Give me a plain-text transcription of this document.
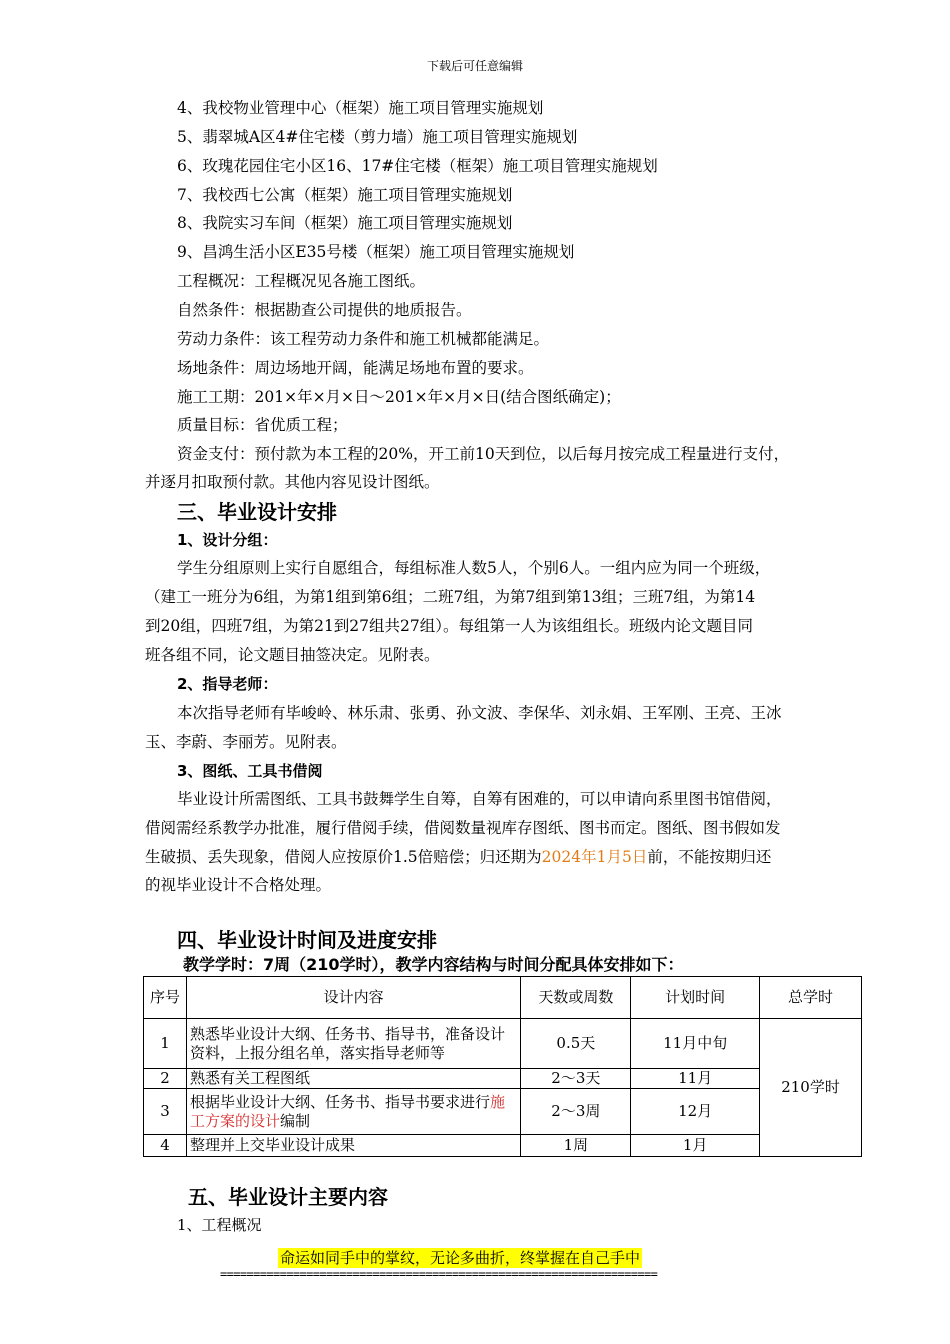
下载后可任意编辑
4、我校物业管理中心（框架）施工项目管理实施规划
5、翡翠城A区4#住宅楼（剪力墙）施工项目管理实施规划
6、玫瑰花园住宅小区16、17#住宅楼（框架）施工项目管理实施规划
7、我校西七公寓（框架）施工项目管理实施规划
8、我院实习车间（框架）施工项目管理实施规划
9、昌鸿生活小区E35号楼（框架）施工项目管理实施规划
工程概况：工程概况见各施工图纸。
自然条件：根据勘查公司提供的地质报告。
劳动力条件：该工程劳动力条件和施工机械都能满足。
场地条件：周边场地开阔，能满足场地布置的要求。
施工工期：201×年×月×日～201×年×月×日(结合图纸确定)；
质量目标：省优质工程；
资金支付：预付款为本工程的20%，开工前10天到位，以后每月按完成工程量进行支付，
并逐月扣取预付款。其他内容见设计图纸。
三、毕业设计安排
1、设计分组：
学生分组原则上实行自愿组合，每组标准人数5人，个别6人。一组内应为同一个班级，
（建工一班分为6组，为第1组到第6组；二班7组，为第7组到第13组；三班7组，为第14
到20组，四班7组，为第21到27组共27组）。每组第一人为该组组长。班级内论文题目同
班各组不同，论文题目抽签决定。见附表。
2、指导老师：
本次指导老师有毕峻岭、林乐肃、张勇、孙文波、李保华、刘永娟、王军刚、王亮、王冰
玉、李蔚、李丽芳。见附表。
3、图纸、工具书借阅
毕业设计所需图纸、工具书鼓舞学生自筹，自筹有困难的，可以申请向系里图书馆借阅，
借阅需经系教学办批准，履行借阅手续，借阅数量视库存图纸、图书而定。图纸、图书假如发
生破损、丢失现象，借阅人应按原价1.5倍赔偿；归还期为2024年1月5日前，不能按期归还
的视毕业设计不合格处理。
四、毕业设计时间及进度安排
教学学时：7周（210学时），教学内容结构与时间分配具体安排如下：
序号	设计内容	天数或周数	计划时间	总学时
1	熟悉毕业设计大纲、任务书、指导书，准备设计资料，上报分组名单，落实指导老师等	0.5天	11月中旬	210学时
2	熟悉有关工程图纸	2～3天	11月	
3	根据毕业设计大纲、任务书、指导书要求进行施工方案的设计编制	2～3周	12月	
4	整理并上交毕业设计成果	1周	1月	
五、毕业设计主要内容
1、工程概况
命运如同手中的掌纹，无论多曲折，终掌握在自己手中
==================================================================
